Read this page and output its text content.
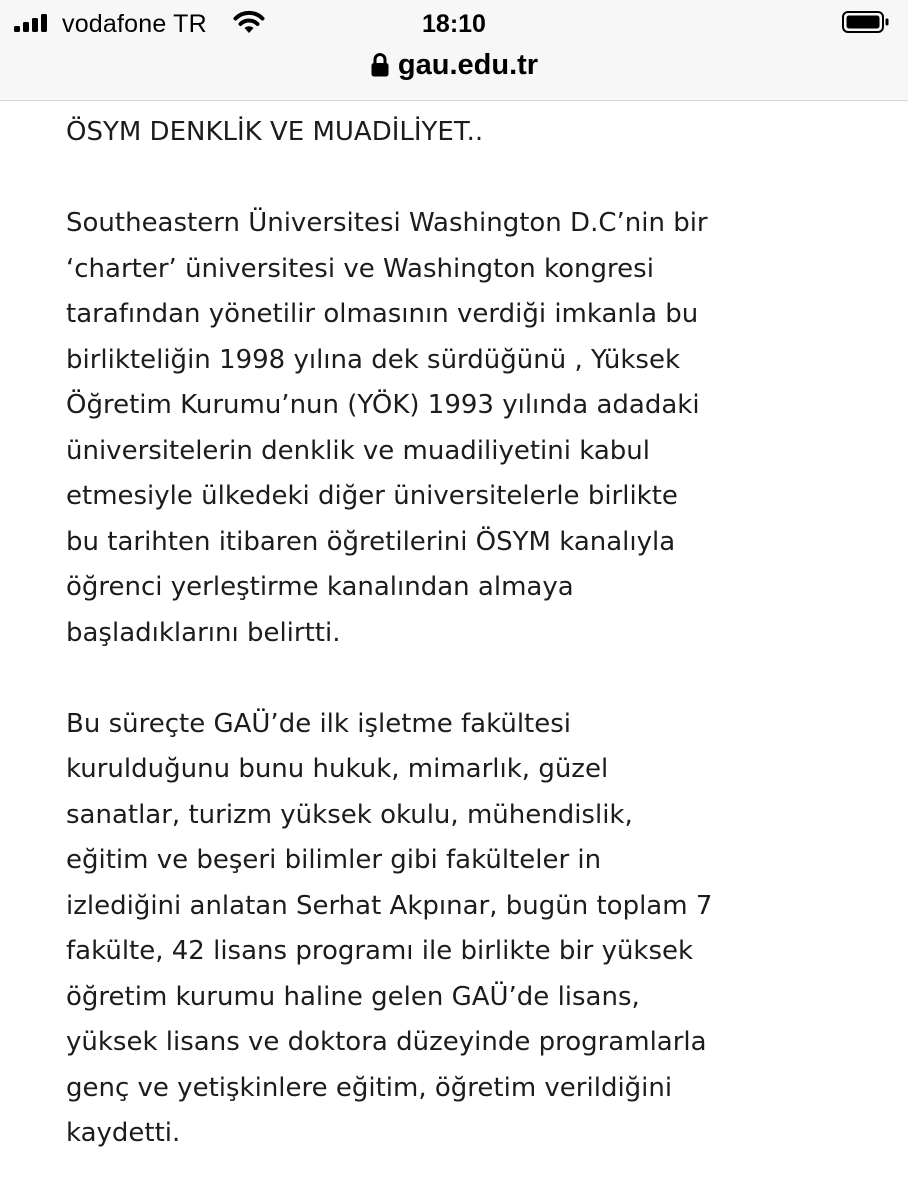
vodafone TR	18:10
gau.edu.tr

ÖSYM DENKLİK VE MUADİLİYET..

Southeastern Üniversitesi Washington D.C’nin bir
‘charter’ üniversitesi ve Washington kongresi
tarafından yönetilir olmasının verdiği imkanla bu
birlikteliğin 1998 yılına dek sürdüğünü , Yüksek
Öğretim Kurumu’nun (YÖK) 1993 yılında adadaki
üniversitelerin denklik ve muadiliyetini kabul
etmesiyle ülkedeki diğer üniversitelerle birlikte
bu tarihten itibaren öğretilerini ÖSYM kanalıyla
öğrenci yerleştirme kanalından almaya
başladıklarını belirtti.

Bu süreçte GAÜ’de ilk işletme fakültesi
kurulduğunu bunu hukuk, mimarlık, güzel
sanatlar, turizm yüksek okulu, mühendislik,
eğitim ve beşeri bilimler gibi fakülteler in
izlediğini anlatan Serhat Akpınar, bugün toplam 7
fakülte, 42 lisans programı ile birlikte bir yüksek
öğretim kurumu haline gelen GAÜ’de lisans,
yüksek lisans ve doktora düzeyinde programlarla
genç ve yetişkinlere eğitim, öğretim verildiğini
kaydetti.
